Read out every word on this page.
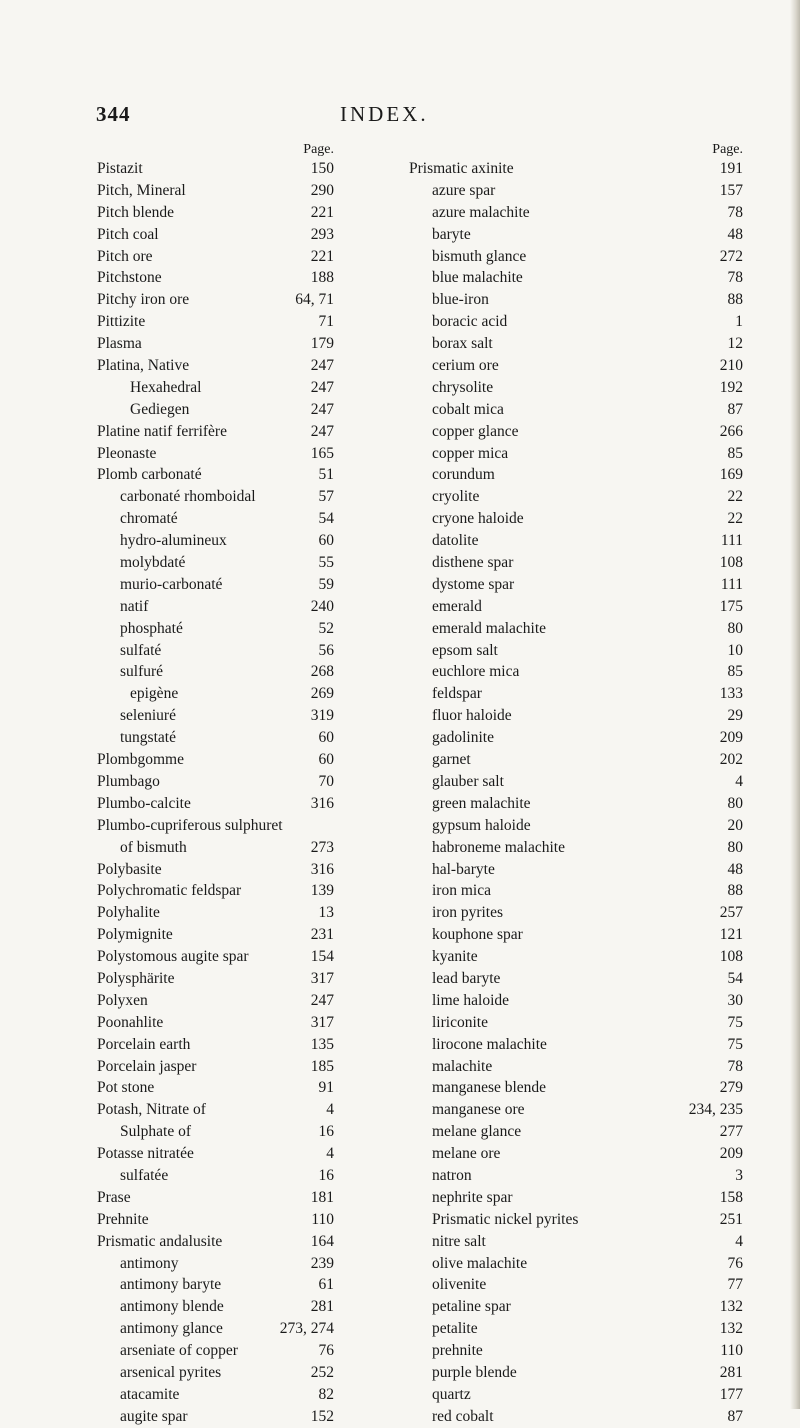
344	INDEX.
Page.
Pistazit	150
Pitch, Mineral	290
Pitch blende	221
Pitch coal	293
Pitch ore	221
Pitchstone	188
Pitchy iron ore	64, 71
Pittizite	71
Plasma	179
Platina, Native	247
Hexahedral	247
Gediegen	247
Platine natif ferrifère	247
Pleonaste	165
Plomb carbonaté	51
carbonaté rhomboidal	57
chromaté	54
hydro-alumineux	60
molybdaté	55
murio-carbonaté	59
natif	240
phosphaté	52
sulfaté	56
sulfuré	268
epigène	269
seleniuré	319
tungstaté	60
Plombgomme	60
Plumbago	70
Plumbo-calcite	316
Plumbo-cupriferous sulphuret
of bismuth	273
Polybasite	316
Polychromatic feldspar	139
Polyhalite	13
Polymignite	231
Polystomous augite spar	154
Polysphärite	317
Polyxen	247
Poonahlite	317
Porcelain earth	135
Porcelain jasper	185
Pot stone	91
Potash, Nitrate of	4
Sulphate of	16
Potasse nitratée	4
sulfatée	16
Prase	181
Prehnite	110
Prismatic andalusite	164
antimony	239
antimony baryte	61
antimony blende	281
antimony glance	273, 274
arseniate of copper	76
arsenical pyrites	252
atacamite	82
augite spar	152
Page.
Prismatic axinite	191
azure spar	157
azure malachite	78
baryte	48
bismuth glance	272
blue malachite	78
blue-iron	88
boracic acid	1
borax salt	12
cerium ore	210
chrysolite	192
cobalt mica	87
copper glance	266
copper mica	85
corundum	169
cryolite	22
cryone haloide	22
datolite	111
disthene spar	108
dystome spar	111
emerald	175
emerald malachite	80
epsom salt	10
euchlore mica	85
feldspar	133
fluor haloide	29
gadolinite	209
garnet	202
glauber salt	4
green malachite	80
gypsum haloide	20
habroneme malachite	80
hal-baryte	48
iron mica	88
iron pyrites	257
kouphone spar	121
kyanite	108
lead baryte	54
lime haloide	30
liriconite	75
lirocone malachite	75
malachite	78
manganese blende	279
manganese ore	234, 235
melane glance	277
melane ore	209
natron	3
nephrite spar	158
Prismatic nickel pyrites	251
nitre salt	4
olive malachite	76
olivenite	77
petaline spar	132
petalite	132
prehnite	110
purple blende	281
quartz	177
red cobalt	87
